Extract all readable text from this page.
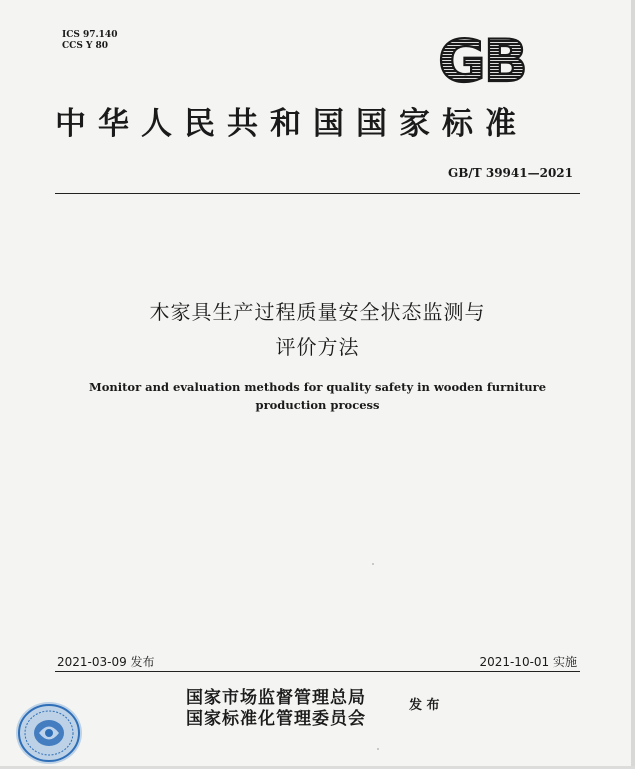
ICS 97.140
CCS Y 80	GB
中华人民共和国国家标准
GB/T 39941—2021
木家具生产过程质量安全状态监测与
评价方法
Monitor and evaluation methods for quality safety in wooden furniture
production process
2021-03-09 发布	2021-10-01 实施
国家市场监督管理总局
国家标准化管理委员会
发 布
